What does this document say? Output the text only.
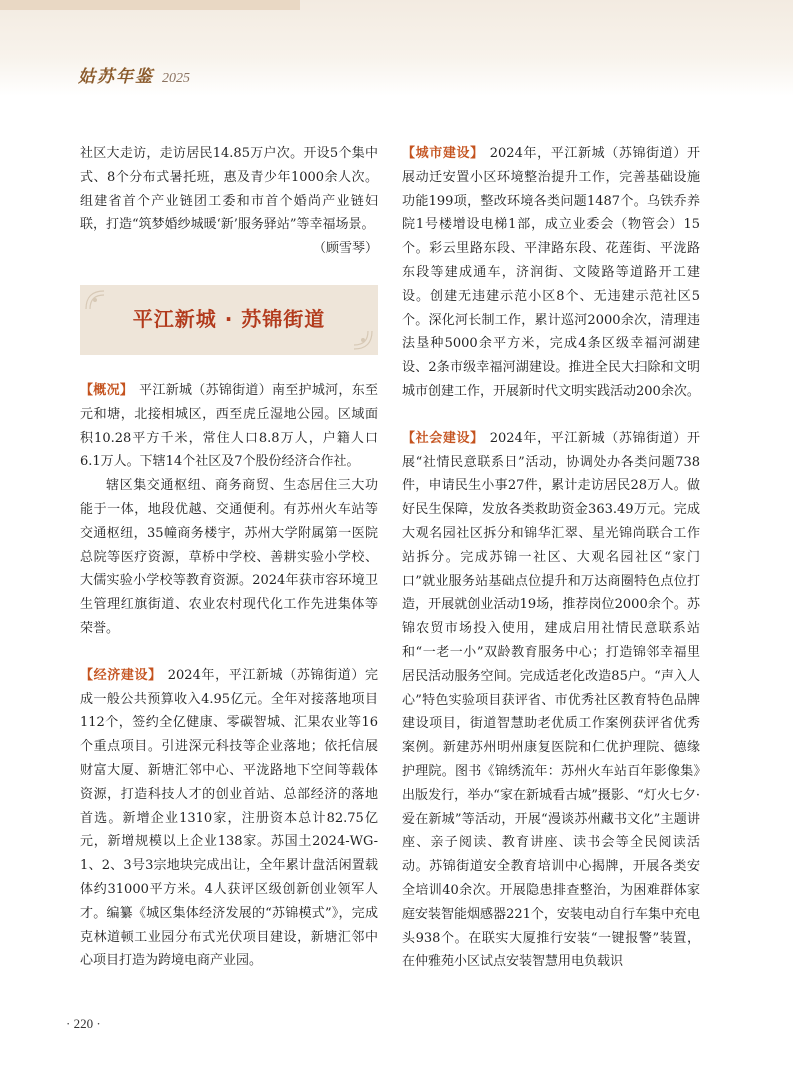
姑苏年鉴 2025

社区大走访，走访居民14.85万户次。开设5个集中式、8个分布式暑托班，惠及青少年1000余人次。组建省首个产业链团工委和市首个婚尚产业链妇联，打造“筑梦婚纱城暖‘新’服务驿站”等幸福场景。

（顾雪琴）

平江新城 · 苏锦街道

【概况】 平江新城（苏锦街道）南至护城河，东至元和塘，北接相城区，西至虎丘湿地公园。区域面积10.28平方千米，常住人口8.8万人，户籍人口6.1万人。下辖14个社区及7个股份经济合作社。

辖区集交通枢纽、商务商贸、生态居住三大功能于一体，地段优越、交通便利。有苏州火车站等交通枢纽，35幢商务楼宇，苏州大学附属第一医院总院等医疗资源，草桥中学校、善耕实验小学校、大儒实验小学校等教育资源。2024年获市容环境卫生管理红旗街道、农业农村现代化工作先进集体等荣誉。

【经济建设】 2024年，平江新城（苏锦街道）完成一般公共预算收入4.95亿元。全年对接落地项目112个，签约全亿健康、零碳智城、汇果农业等16个重点项目。引进深元科技等企业落地；依托信展财富大厦、新塘汇邻中心、平泷路地下空间等载体资源，打造科技人才的创业首站、总部经济的落地首选。新增企业1310家，注册资本总计82.75亿元，新增规模以上企业138家。苏国土2024-WG-1、2、3号3宗地块完成出让，全年累计盘活闲置载体约31000平方米。4人获评区级创新创业领军人才。编纂《城区集体经济发展的“苏锦模式”》，完成克林道顿工业园分布式光伏项目建设，新塘汇邻中心项目打造为跨境电商产业园。

【城市建设】 2024年，平江新城（苏锦街道）开展动迁安置小区环境整治提升工作，完善基础设施功能199项，整改环境各类问题1487个。乌铁乔养院1号楼增设电梯1部，成立业委会（物管会）15个。彩云里路东段、平津路东段、花莲街、平泷路东段等建成通车，济润街、文陵路等道路开工建设。创建无违建示范小区8个、无违建示范社区5个。深化河长制工作，累计巡河2000余次，清理违法垦种5000余平方米，完成4条区级幸福河湖建设、2条市级幸福河湖建设。推进全民大扫除和文明城市创建工作，开展新时代文明实践活动200余次。

【社会建设】 2024年，平江新城（苏锦街道）开展“社情民意联系日”活动，协调处办各类问题738件，申请民生小事27件，累计走访居民28万人。做好民生保障，发放各类救助资金363.49万元。完成大观名园社区拆分和锦华汇翠、星光锦尚联合工作站拆分。完成苏锦一社区、大观名园社区“家门口”就业服务站基础点位提升和万达商圈特色点位打造，开展就创业活动19场，推荐岗位2000余个。苏锦农贸市场投入使用，建成启用社情民意联系站和“一老一小”双龄教育服务中心；打造锦邻幸福里居民活动服务空间。完成适老化改造85户。“声入人心”特色实验项目获评省、市优秀社区教育特色品牌建设项目，街道智慧助老优质工作案例获评省优秀案例。新建苏州明州康复医院和仁优护理院、德缘护理院。图书《锦绣流年：苏州火车站百年影像集》出版发行，举办“家在新城看古城”摄影、“灯火七夕·爱在新城”等活动，开展“漫谈苏州藏书文化”主题讲座、亲子阅读、教育讲座、读书会等全民阅读活动。苏锦街道安全教育培训中心揭牌，开展各类安全培训40余次。开展隐患排查整治，为困难群体家庭安装智能烟感器221个，安装电动自行车集中充电头938个。在联实大厦推行安装“一键报警”装置，在仲雅苑小区试点安装智慧用电负载识

· 220 ·
